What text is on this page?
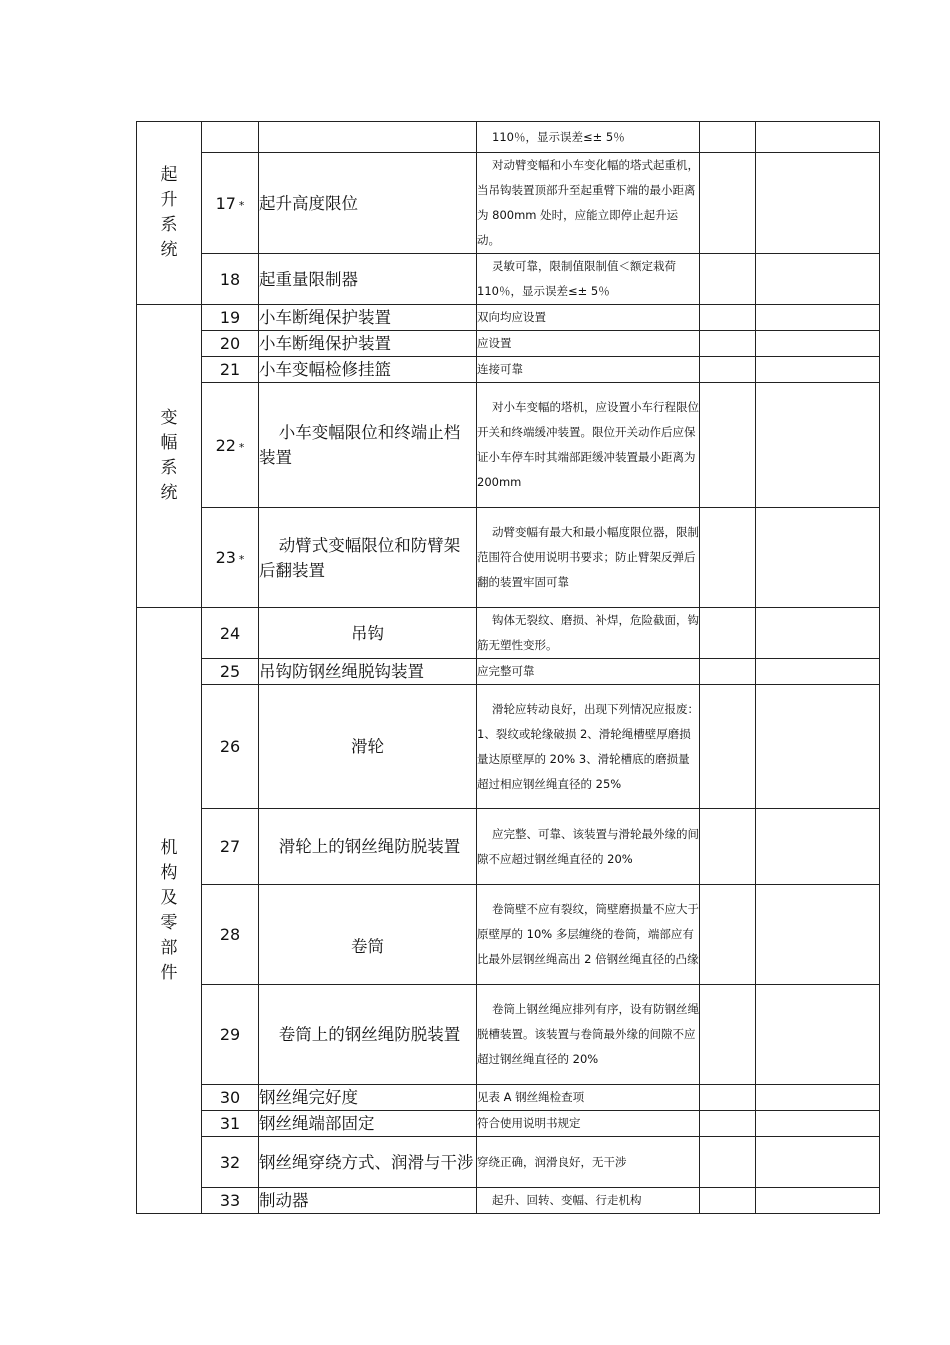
起升系统			110％，显示误差≤± 5％		
	17 *	起升高度限位	对动臂变幅和小车变化幅的塔式起重机，当吊钩装置顶部升至起重臂下端的最小距离为 800mm 处时，应能立即停止起升运动。		
	18	起重量限制器	灵敏可靠，限制值限制值＜额定栽荷 110％，显示误差≤± 5％		
变幅系统	19	小车断绳保护装置	双向均应设置		
	20	小车断绳保护装置	应设置		
	21	小车变幅检修挂篮	连接可靠		
	22 *	小车变幅限位和终端止档装置	对小车变幅的塔机，应设置小车行程限位开关和终端缓冲装置。限位开关动作后应保证小车停车时其端部距缓冲装置最小距离为 200mm		
	23 *	动臂式变幅限位和防臂架后翻装置	动臂变幅有最大和最小幅度限位器，限制范围符合使用说明书要求；防止臂架反弹后翻的装置牢固可靠		
机构及零部件	24	吊钩	钩体无裂纹、磨损、补焊，危险截面，钩筋无塑性变形。		
	25	吊钩防钢丝绳脱钩装置	应完整可靠		
	26	滑轮	滑轮应转动良好，出现下列情况应报废：1、裂纹或轮缘破损 2、滑轮绳槽壁厚磨损量达原壁厚的 20% 3、滑轮槽底的磨损量超过相应钢丝绳直径的 25%		
	27	滑轮上的钢丝绳防脱装置	应完整、可靠、该装置与滑轮最外缘的间隙不应超过钢丝绳直径的 20%		
	28	卷筒	卷筒壁不应有裂纹，筒壁磨损量不应大于原壁厚的 10% 多层缠绕的卷筒，端部应有比最外层钢丝绳高出 2 倍钢丝绳直径的凸缘		
	29	卷筒上的钢丝绳防脱装置	卷筒上钢丝绳应排列有序，设有防钢丝绳脱槽装置。该装置与卷筒最外缘的间隙不应超过钢丝绳直径的 20%		
	30	钢丝绳完好度	见表 A 钢丝绳检查项		
	31	钢丝绳端部固定	符合使用说明书规定		
	32	钢丝绳穿绕方式、润滑与干涉	穿绕正确，润滑良好，无干涉		
	33	制动器	起升、回转、变幅、行走机构		
